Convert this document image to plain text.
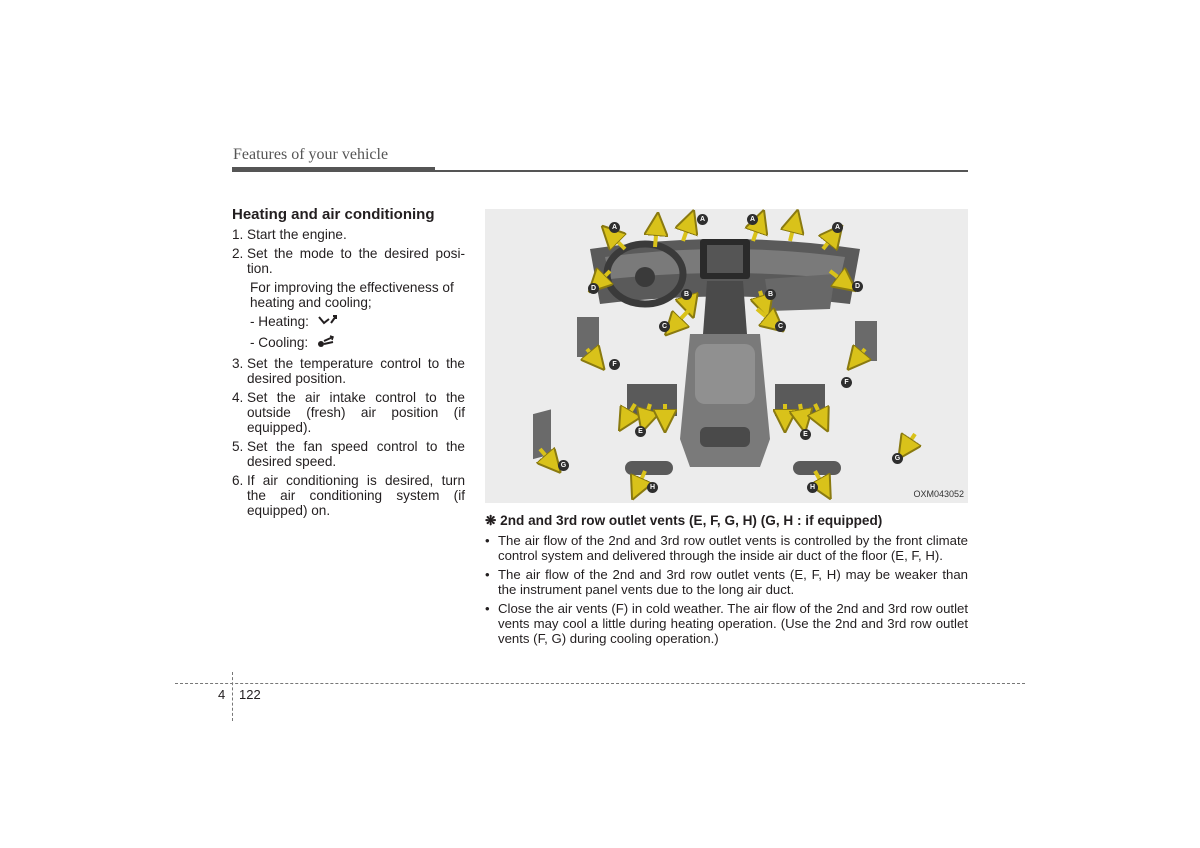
Features of your vehicle
Heating and air conditioning
1. Start the engine.
2. Set the mode to the desired posi-tion.
For improving the effectiveness of heating and cooling;
- Heating:
- Cooling:
3. Set the temperature control to the desired position.
4. Set the air intake control to the outside (fresh) air position (if equipped).
5. Set the fan speed control to the desired speed.
6. If air conditioning is desired, turn the air conditioning system (if equipped) on.
A
A	A
A
B	B
C	C
D	D
E	E
F
F
G
G
H	H
OXM043052
❋ 2nd and 3rd row outlet vents (E, F, G, H) (G, H : if equipped)
• The air flow of the 2nd and 3rd row outlet vents is controlled by the front climate control system and delivered through the inside air duct of the floor (E, F, H).
• The air flow of the 2nd and 3rd row outlet vents (E, F, H) may be weaker than the instrument panel vents due to the long air duct.
• Close the air vents (F) in cold weather. The air flow of the 2nd and 3rd row outlet vents may cool a little during heating operation. (Use the 2nd and 3rd row outlet vents (F, G) during cooling operation.)
4 122
